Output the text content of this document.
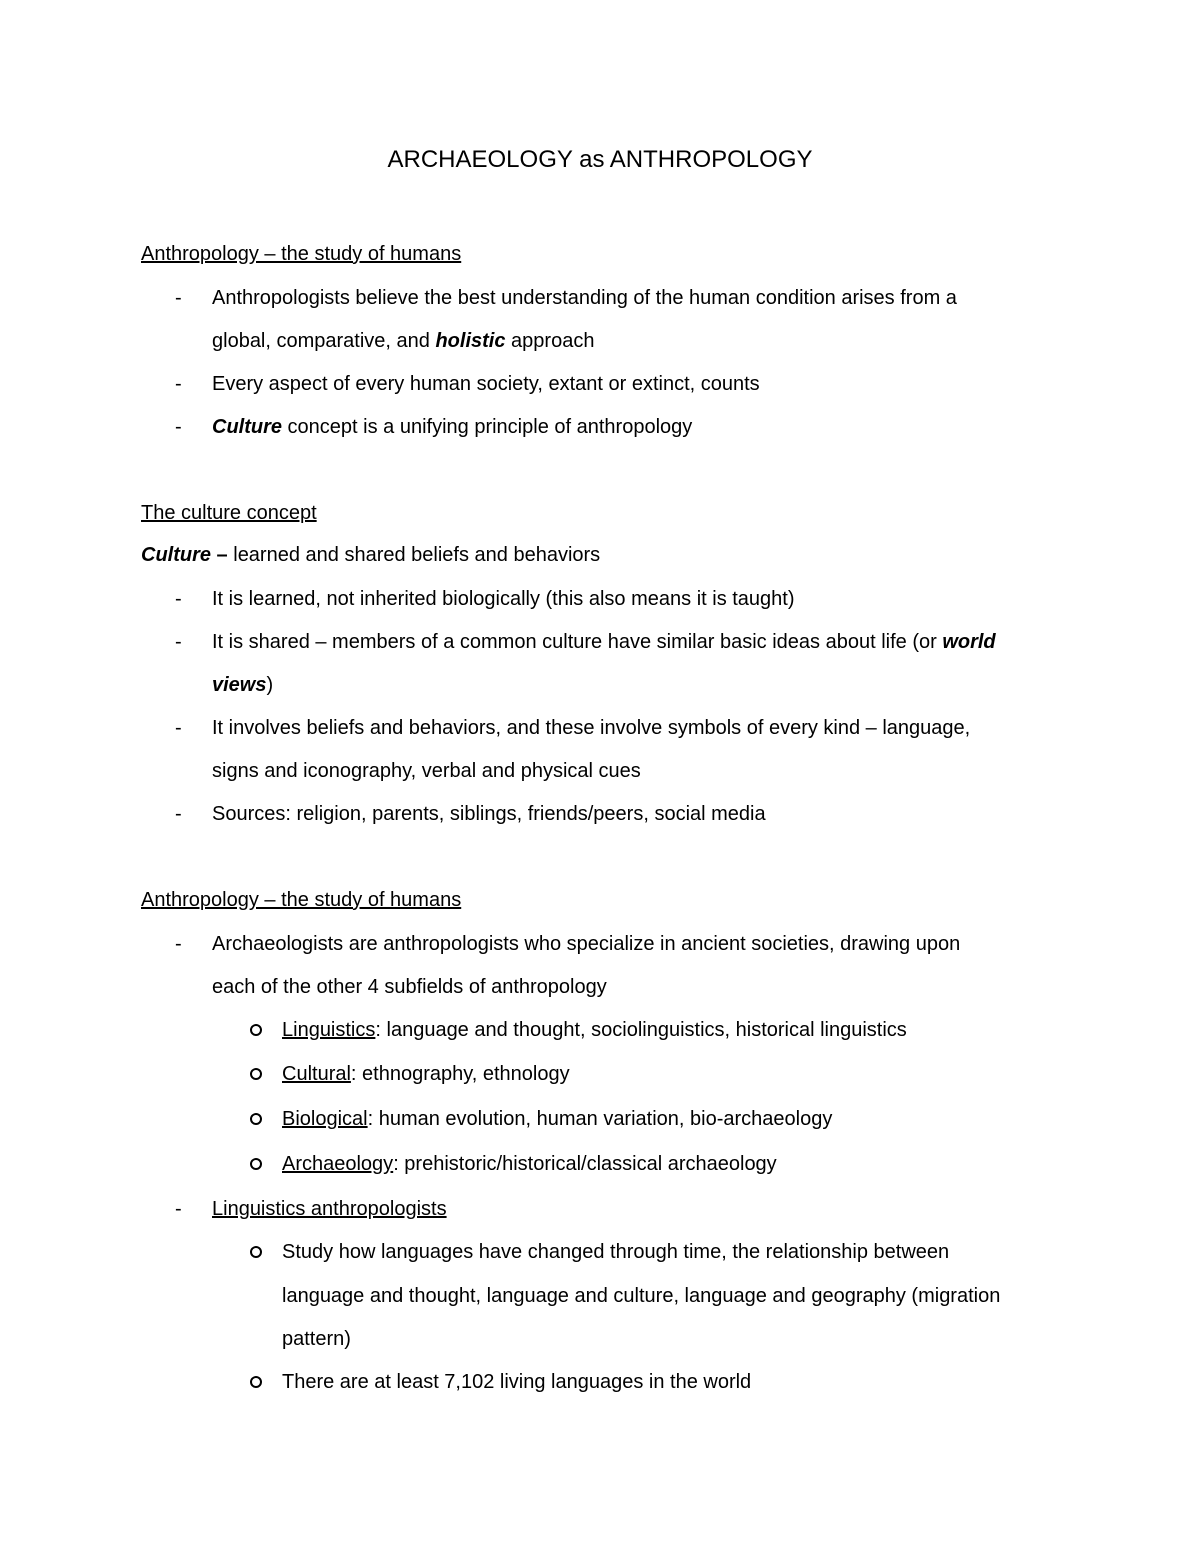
ARCHAEOLOGY as ANTHROPOLOGY
Anthropology – the study of humans
- Anthropologists believe the best understanding of the human condition arises from a
global, comparative, and holistic approach
- Every aspect of every human society, extant or extinct, counts
- Culture concept is a unifying principle of anthropology
The culture concept
Culture – learned and shared beliefs and behaviors
- It is learned, not inherited biologically (this also means it is taught)
- It is shared – members of a common culture have similar basic ideas about life (or world
views)
- It involves beliefs and behaviors, and these involve symbols of every kind – language,
signs and iconography, verbal and physical cues
- Sources: religion, parents, siblings, friends/peers, social media
Anthropology – the study of humans
- Archaeologists are anthropologists who specialize in ancient societies, drawing upon
each of the other 4 subfields of anthropology
Linguistics: language and thought, sociolinguistics, historical linguistics
Cultural: ethnography, ethnology
Biological: human evolution, human variation, bio-archaeology
Archaeology: prehistoric/historical/classical archaeology
- Linguistics anthropologists
Study how languages have changed through time, the relationship between
language and thought, language and culture, language and geography (migration
pattern)
There are at least 7,102 living languages in the world
